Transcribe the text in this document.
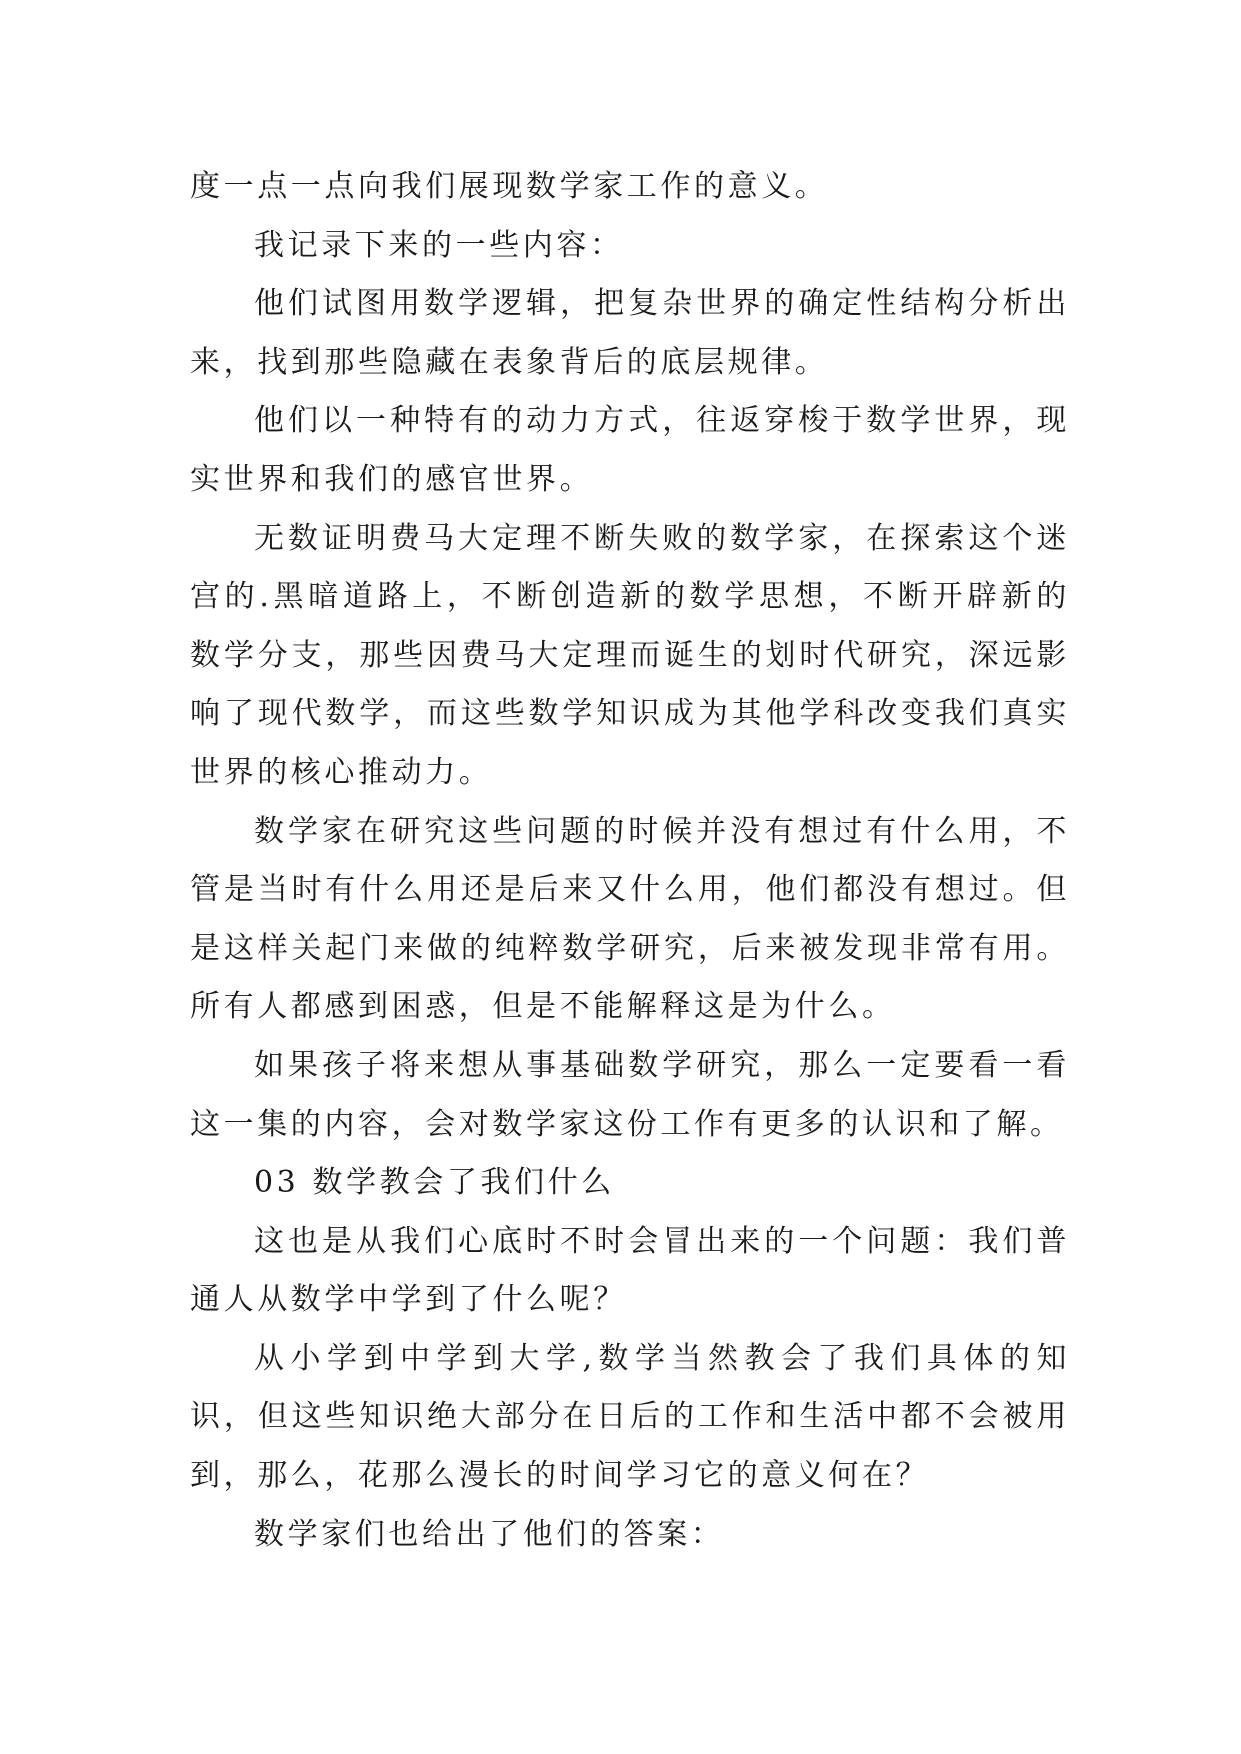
度一点一点向我们展现数学家工作的意义。

我记录下来的一些内容：

他们试图用数学逻辑，把复杂世界的确定性结构分析出来，找到那些隐藏在表象背后的底层规律。

他们以一种特有的动力方式，往返穿梭于数学世界，现实世界和我们的感官世界。

无数证明费马大定理不断失败的数学家，在探索这个迷宫的.黑暗道路上，不断创造新的数学思想，不断开辟新的数学分支，那些因费马大定理而诞生的划时代研究，深远影响了现代数学，而这些数学知识成为其他学科改变我们真实世界的核心推动力。

数学家在研究这些问题的时候并没有想过有什么用，不管是当时有什么用还是后来又什么用，他们都没有想过。但是这样关起门来做的纯粹数学研究，后来被发现非常有用。所有人都感到困惑，但是不能解释这是为什么。

如果孩子将来想从事基础数学研究，那么一定要看一看这一集的内容，会对数学家这份工作有更多的认识和了解。

03 数学教会了我们什么

这也是从我们心底时不时会冒出来的一个问题：我们普通人从数学中学到了什么呢？

从小学到中学到大学,数学当然教会了我们具体的知识，但这些知识绝大部分在日后的工作和生活中都不会被用到，那么，花那么漫长的时间学习它的意义何在？

数学家们也给出了他们的答案：
